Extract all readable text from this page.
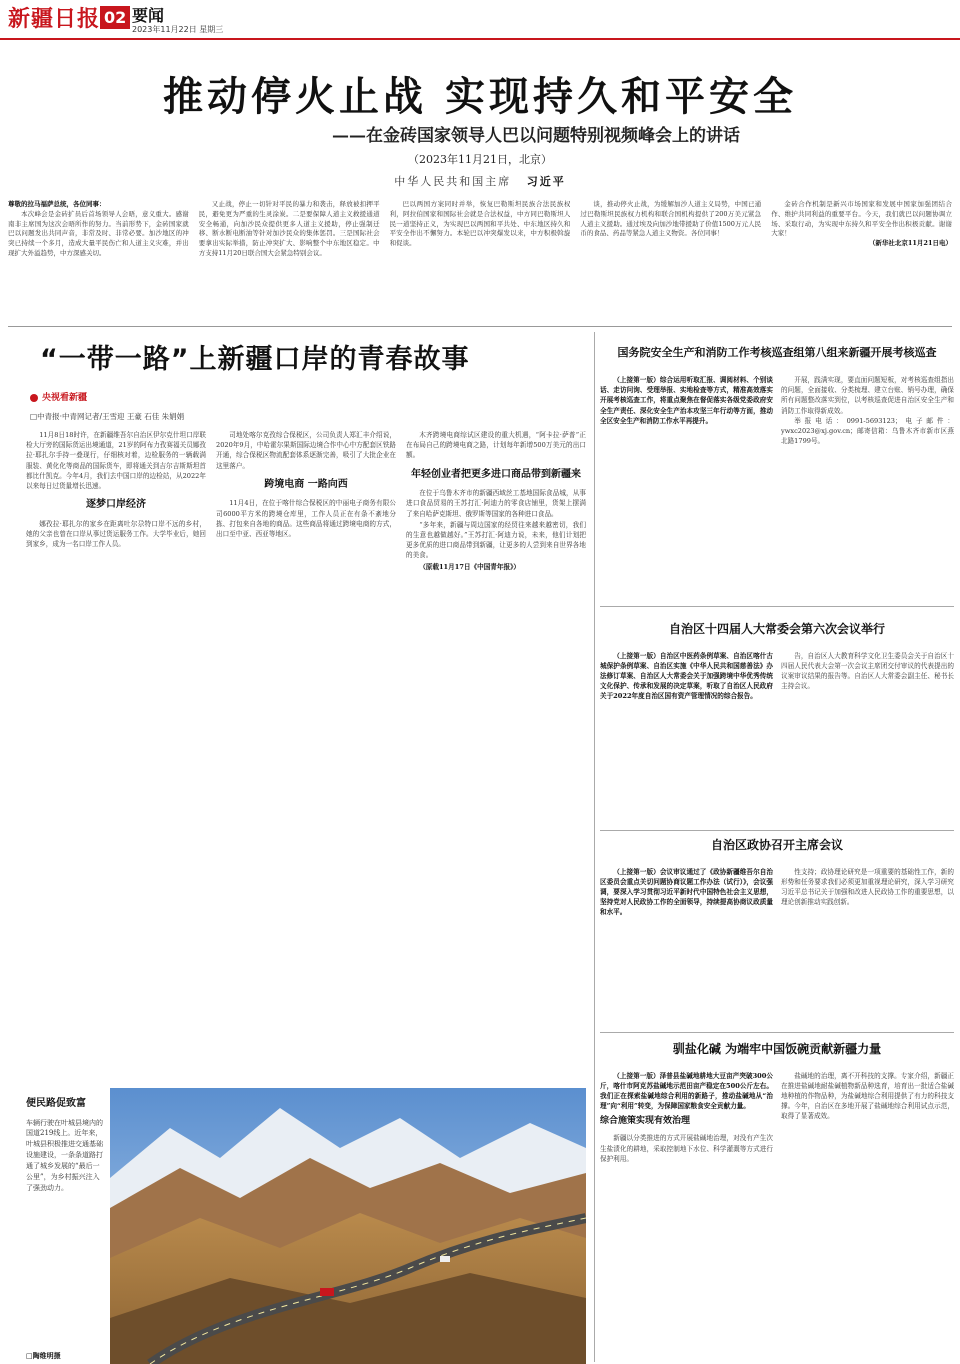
新疆日报 02 要闻
2023年11月22日 星期三
推动停火止战 实现持久和平安全
——在金砖国家领导人巴以问题特别视频峰会上的讲话
（2023年11月21日，北京）
中华人民共和国主席 习近平

尊敬的拉马福萨总统，各位同事：

本次峰会是金砖扩员后首场领导人会晤，意义重大。感谢南非主席国为这次会晤所作的努力。当前形势下，金砖国家就巴以问题发出共同声音，非常及时、非常必要。加沙地区的冲突已持续一个多月，造成大量平民伤亡和人道主义灾难，并出现扩大外溢趋势，中方深感关切。

又止战，停止一切针对平民的暴力和袭击，释放被扣押平民，避免更为严重的生灵涂炭。二是要保障人道主义救援通道安全畅通，向加沙民众提供更多人道主义援助，停止强制迁移、断水断电断油等针对加沙民众的集体惩罚。三是国际社会要拿出实际举措，防止冲突扩大、影响整个中东地区稳定。中方支持11月20日联合国大会紧急特别会议。

巴以两国方案同时并举，恢复巴勒斯坦民族合法民族权利，阿拉伯国家和国际社会就是合法权益，中方同巴勒斯坦人民一道坚持正义，为实现巴以两国和平共处、中东地区持久和平安全作出不懈努力。本轮巴以冲突爆发以来，中方积极斡旋和促谈。

谈，推动停火止战，为缓解加沙人道主义局势，中国已通过巴勒斯坦民族权力机构和联合国机构提供了200万美元紧急人道主义援助。通过埃及向加沙地带援助了价值1500万元人民币的食品、药品等紧急人道主义物资。各位同事！

金砖合作机制是新兴市场国家和发展中国家加强团结合作、维护共同利益的重要平台。今天，我们就巴以问题协调立场、采取行动，为实现中东持久和平安全作出积极贡献。谢谢大家！

（新华社北京11月21日电）

“一带一路”上新疆口岸的青春故事
央视看新疆
□中青报·中青网记者/王雪迎 王豪 石佳 朱娟娟

11月8日18时许，在新疆维吾尔自治区伊尔克什坦口岸联检大厅旁的国际货运出境通道，21岁的阿布力孜赛福关员娜孜拉·耶扎尔手持一叠现行，仔细核对着，边检服务的一辆载满服装、黄化化等商品的国际货车，即将通关到吉尔吉斯斯坦首都比什凯克。今年4月，我们去中国口岸的边检站，从2022年以来每日过货量增长迅速。

逐梦口岸经济

娜孜拉·耶扎尔的家乡在距离吐尔尕特口岸不远的乡村，她的父亲也曾在口岸从事过货运服务工作。大学毕业后，她回到家乡，成为一名口岸工作人员。

司地处喀尔克孜综合保税区，公司负责人郑汇丰介绍说，2020年9月，中哈霍尔果斯国际边境合作中心中方配套区铁路开通，综合保税区物流配套体系逐渐完善，吸引了大批企业在这里落户。

跨境电商 一路向西

11月4日，在位于喀什综合保税区的中丽电子商务有限公司6000平方米的跨境仓库里，工作人员正在有条不紊地分拣、打包来自各地的商品。这些商品将通过跨境电商的方式，出口至中亚、西亚等地区。

木齐跨境电商综试区建设的重大机遇，“阿卡拉·萨普”正在布局自己的跨境电商之路，计划每年新增500万美元的出口额。

年轻创业者把更多进口商品带到新疆来

在位于乌鲁木齐市的新疆西域丝工基地国际食品城，从事进口食品贸易的王苏打汇·阿迪力的零食店铺里，货架上摆满了来自哈萨克斯坦、俄罗斯等国家的各种进口食品。

“多年来，新疆与周边国家的经贸往来越来越密切，我们的生意也越做越好。”王苏打汇·阿迪力说，未来，他们计划把更多优质的进口商品带到新疆，让更多的人尝到来自世界各地的美食。

（原载11月17日《中国青年报》）

便民路促致富

车辆行驶在叶城县境内的国道219线上。近年来，叶城县积极推进交通基础设施建设，一条条道路打通了城乡发展的“最后一公里”，为乡村振兴注入了强劲动力。

□陶维明摄
国务院安全生产和消防工作考核巡查组第八组来新疆开展考核巡查

（上接第一版）综合运用听取汇报、调阅材料、个别谈话、走访问询、受理举报、实地检查等方式，精准高效落实开展考核巡查工作，将重点聚焦在督促落实各级党委政府安全生产责任、深化安全生产治本攻坚三年行动等方面，推动全区安全生产和消防工作水平再提升。

开展，践满实现，要直面问题短板，对考核巡查组指出的问题，全面接收、分类梳理、建立台账、销号办理，确保所有问题整改落实到位，以考核巡查促进自治区安全生产和消防工作取得新成效。

举报电话：0991-5693123；电子邮件：ywxc2023@xj.gov.cn；邮寄信箱：乌鲁木齐市新市区燕北路1799号。

自治区十四届人大常委会第六次会议举行

（上接第一版）自治区中医药条例草案、自治区喀什古城保护条例草案、自治区实施《中华人民共和国慈善法》办法修订草案、自治区人大常委会关于加强跨境中华优秀传统文化保护、传承和发展的决定草案，听取了自治区人民政府关于2022年度自治区国有资产管理情况的综合报告。

告，自治区人大教育科学文化卫生委员会关于自治区十四届人民代表大会第一次会议主席团交付审议的代表提出的议案审议结果的报告等。自治区人大常委会副主任、秘书长主持会议。

自治区政协召开主席会议

（上接第一版）会议审议通过了《政协新疆维吾尔自治区委员会重点关切问题协商议题工作办法（试行）》，会议强调，要深入学习贯彻习近平新时代中国特色社会主义思想，坚持党对人民政协工作的全面领导，持续提高协商议政质量和水平。

性支持；政协理论研究是一项重要的基础性工作，新的形势和任务要求我们必须更加重视理论研究，深入学习研究习近平总书记关于加强和改进人民政协工作的重要思想，以理论创新推动实践创新。

驯盐化碱 为端牢中国饭碗贡献新疆力量

（上接第一版）泽普县盐碱地耕地大豆亩产突破300公斤，喀什市阿克苏盐碱地示范田亩产稳定在500公斤左右。我们正在探索盐碱地综合利用的新路子，推动盐碱地从“治理”向“利用”转变，为保障国家粮食安全贡献力量。

综合施策实现有效治理

新疆以分类推进的方式开展盐碱地治理，对没有产生次生盐渍化的耕地，采取控制地下水位、科学灌溉等方式进行保护利用。

盐碱地的治理，离不开科技的支撑。专家介绍，新疆正在推进盐碱地耐盐碱植物新品种选育，培育出一批适合盐碱地种植的作物品种，为盐碱地综合利用提供了有力的科技支撑。今年，自治区在多地开展了盐碱地综合利用试点示范，取得了显著成效。
